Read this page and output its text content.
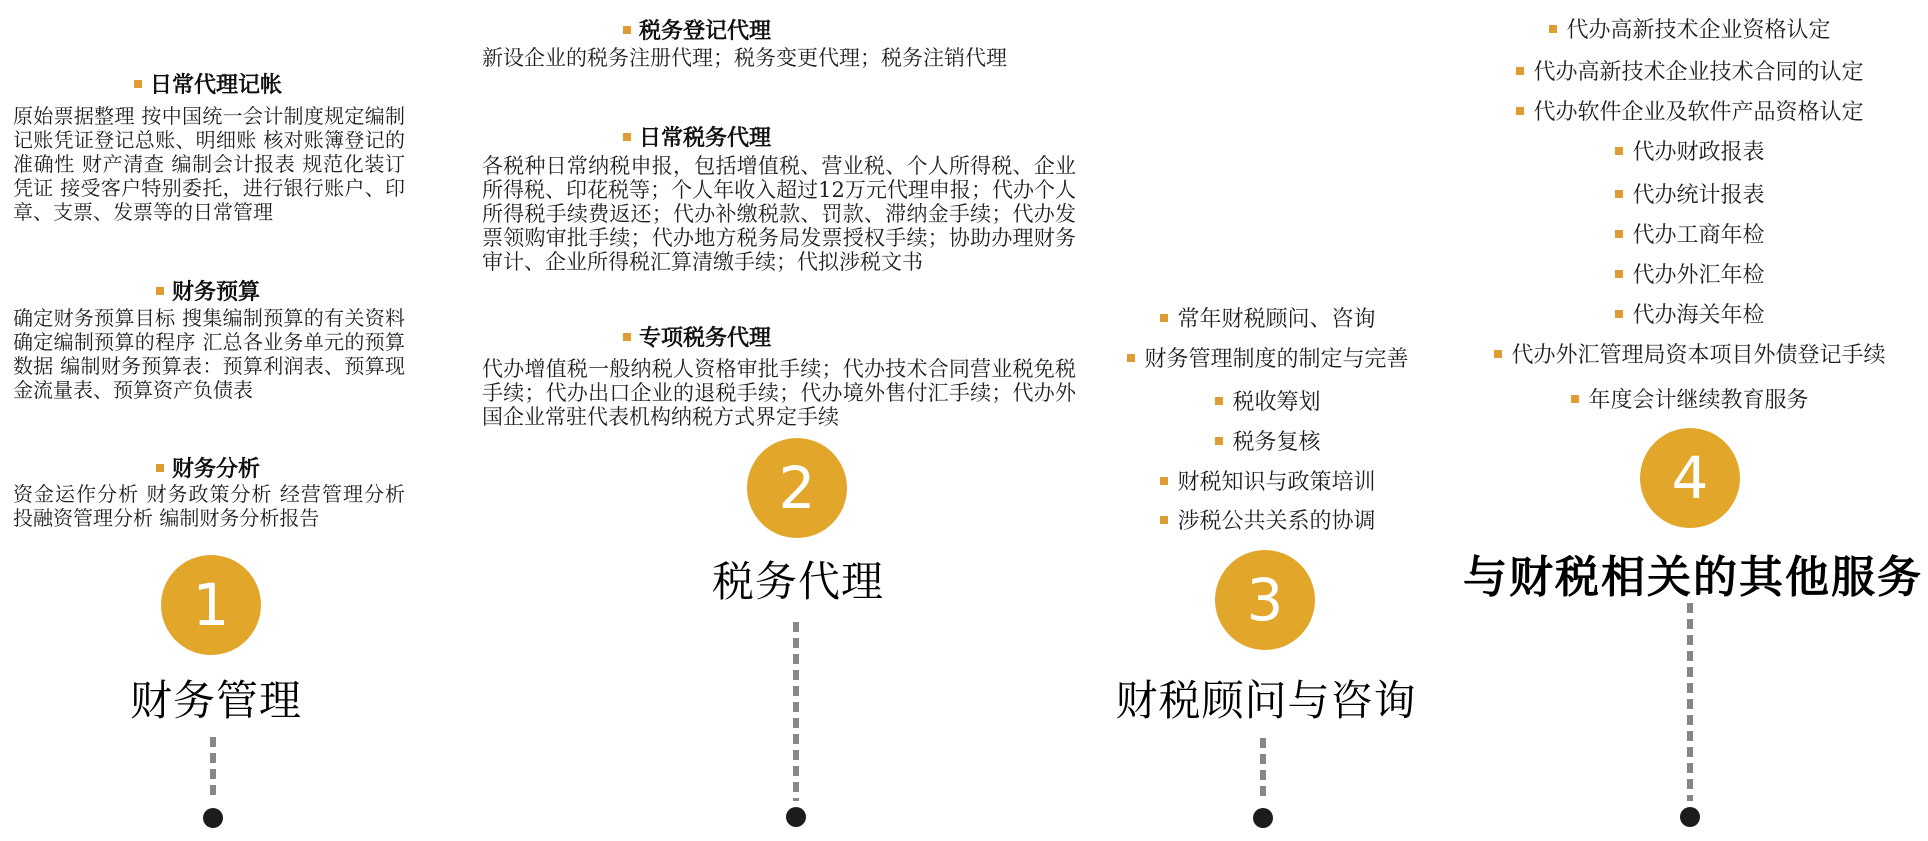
日常代理记帐
原始票据整理 按中国统一会计制度规定编制记账凭证登记总账、明细账 核对账簿登记的准确性 财产清查 编制会计报表 规范化装订凭证 接受客户特别委托，进行银行账户、印章、支票、发票等的日常管理
财务预算
确定财务预算目标 搜集编制预算的有关资料 确定编制预算的程序 汇总各业务单元的预算数据 编制财务预算表：预算利润表、预算现金流量表、预算资产负债表
财务分析
资金运作分析 财务政策分析 经营管理分析 投融资管理分析 编制财务分析报告
1
财务管理
税务登记代理
新设企业的税务注册代理；税务变更代理；税务注销代理
日常税务代理
各税种日常纳税申报，包括增值税、营业税、个人所得税、企业所得税、印花税等；个人年收入超过12万元代理申报；代办个人所得税手续费返还；代办补缴税款、罚款、滞纳金手续；代办发票领购审批手续；代办地方税务局发票授权手续；协助办理财务审计、企业所得税汇算清缴手续；代拟涉税文书
专项税务代理
代办增值税一般纳税人资格审批手续；代办技术合同营业税免税手续；代办出口企业的退税手续；代办境外售付汇手续；代办外国企业常驻代表机构纳税方式界定手续
2
税务代理
常年财税顾问、咨询
财务管理制度的制定与完善
税收筹划
税务复核
财税知识与政策培训
涉税公共关系的协调
3
财税顾问与咨询
代办高新技术企业资格认定
代办高新技术企业技术合同的认定
代办软件企业及软件产品资格认定
代办财政报表
代办统计报表
代办工商年检
代办外汇年检
代办海关年检
代办外汇管理局资本项目外债登记手续
年度会计继续教育服务
4
与财税相关的其他服务
